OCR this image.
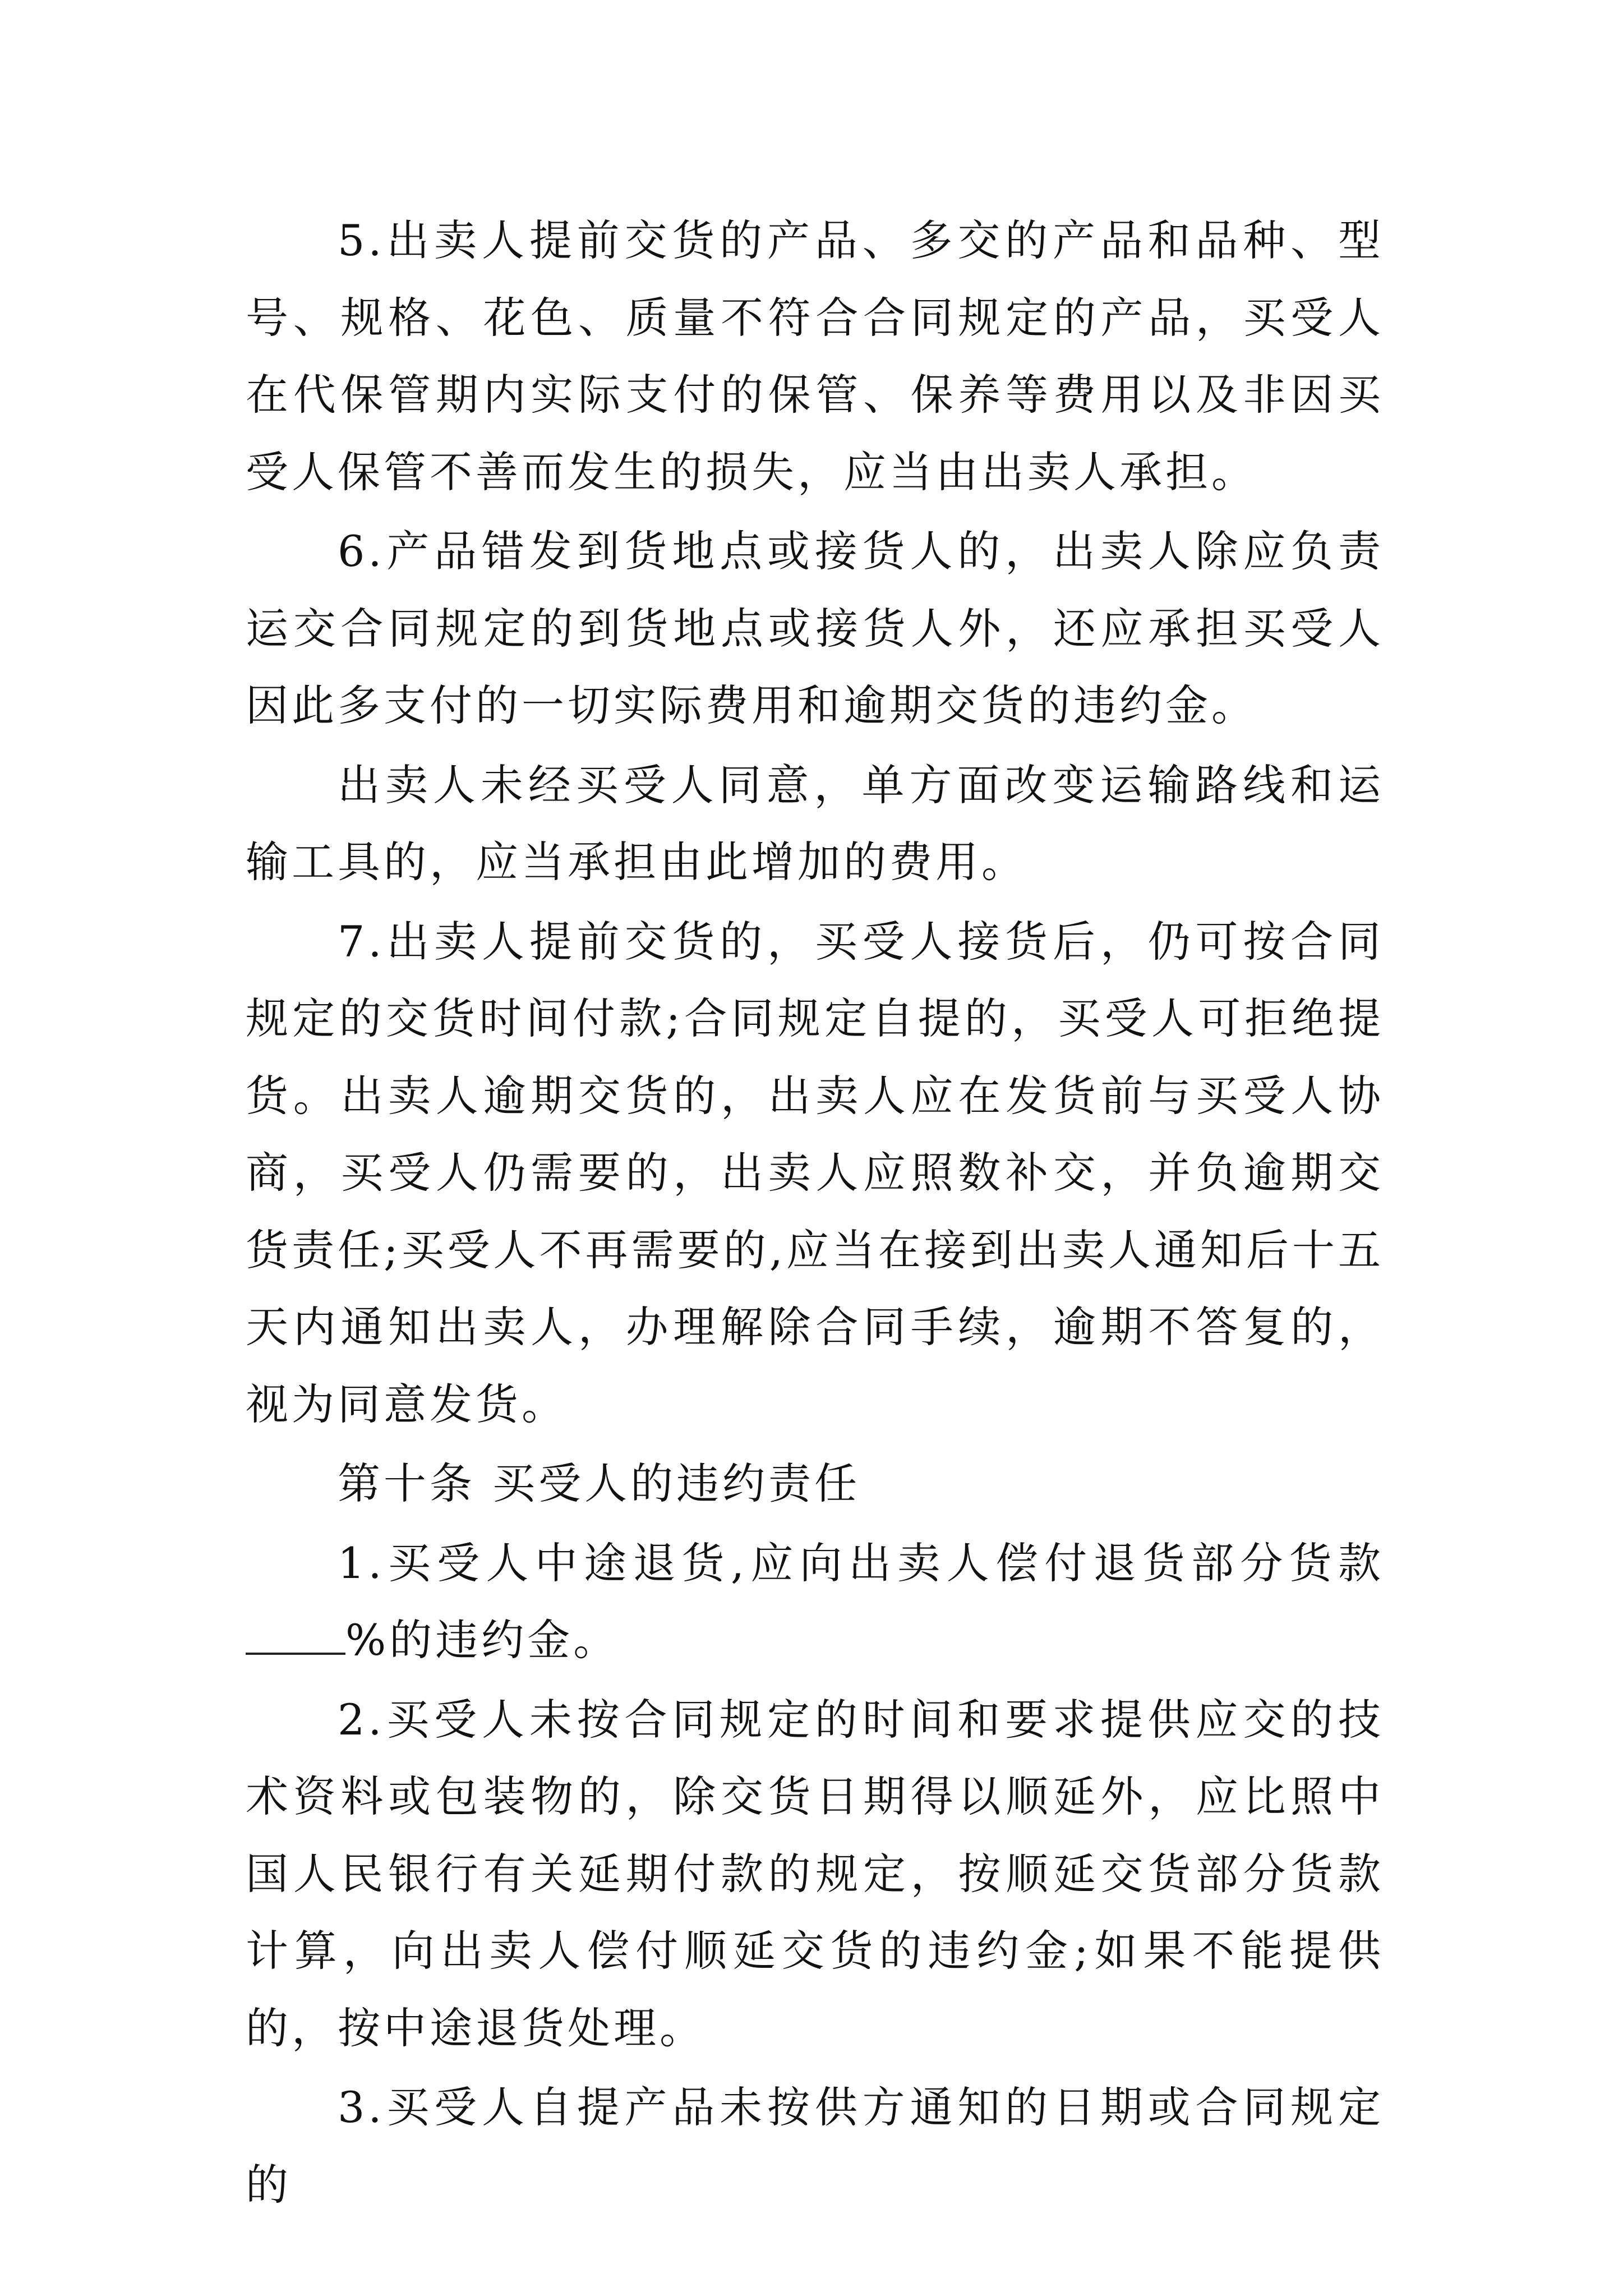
5.出卖人提前交货的产品、多交的产品和品种、型号、规格、花色、质量不符合合同规定的产品，买受人在代保管期内实际支付的保管、保养等费用以及非因买受人保管不善而发生的损失，应当由出卖人承担。

6.产品错发到货地点或接货人的，出卖人除应负责运交合同规定的到货地点或接货人外，还应承担买受人因此多支付的一切实际费用和逾期交货的违约金。

出卖人未经买受人同意，单方面改变运输路线和运输工具的，应当承担由此增加的费用。

7.出卖人提前交货的，买受人接货后，仍可按合同规定的交货时间付款;合同规定自提的，买受人可拒绝提货。出卖人逾期交货的，出卖人应在发货前与买受人协商，买受人仍需要的，出卖人应照数补交，并负逾期交货责任;买受人不再需要的,应当在接到出卖人通知后十五天内通知出卖人，办理解除合同手续，逾期不答复的，视为同意发货。

第十条 买受人的违约责任

1.买受人中途退货,应向出卖人偿付退货部分货款%的违约金。

2.买受人未按合同规定的时间和要求提供应交的技术资料或包装物的，除交货日期得以顺延外，应比照中国人民银行有关延期付款的规定，按顺延交货部分货款计算，向出卖人偿付顺延交货的违约金;如果不能提供的，按中途退货处理。

3.买受人自提产品未按供方通知的日期或合同规定的
